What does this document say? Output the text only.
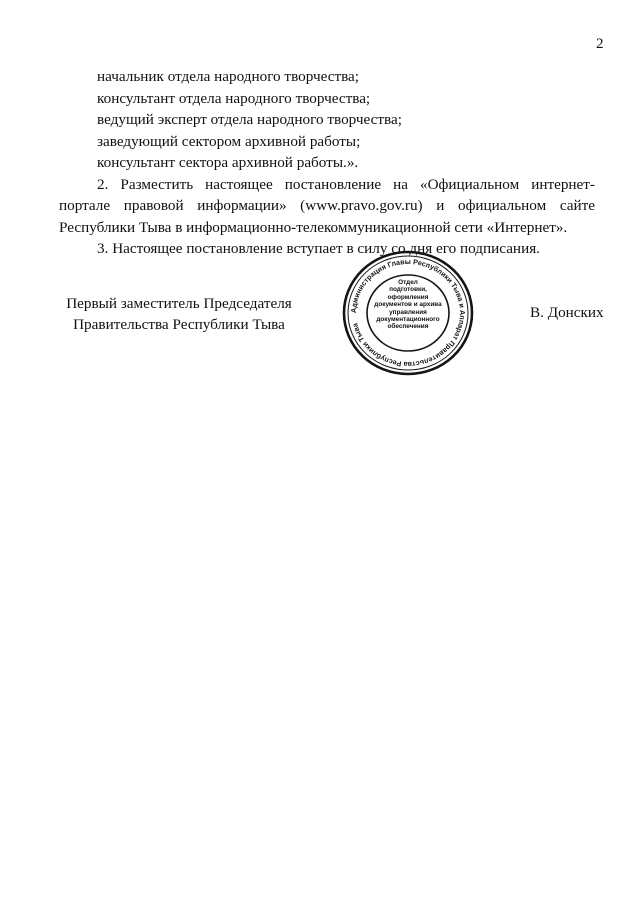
2

начальник отдела народного творчества;

консультант отдела народного творчества;

ведущий эксперт отдела народного творчества;

заведующий сектором архивной работы;

консультант сектора архивной работы.».

2. Разместить настоящее постановление на «Официальном интернет-портале правовой информации» (www.pravo.gov.ru) и официальном сайте Республики Тыва в информационно-телекоммуникационной сети «Интернет».

3. Настоящее постановление вступает в силу со дня его подписания.

Первый заместитель Председателя
Правительства Республики Тыва
Администрация Главы Республики Тыва и Аппарат Правительства Республики Тыва
Отдел
подготовки,
оформления
документов и архива
управления
документационного
обеспечения
В. Донских
